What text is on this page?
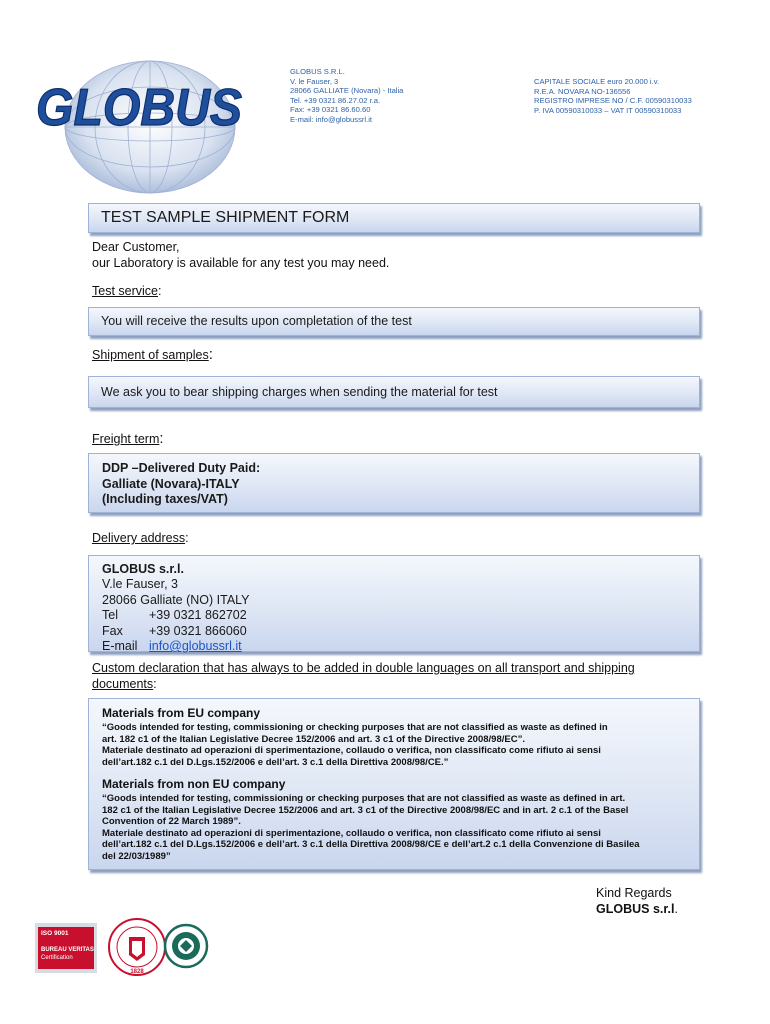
GLOBUS
GLOBUS S.R.L.
V. le Fauser, 3
28066 GALLIATE (Novara) - Italia
Tel. +39 0321 86.27.02 r.a.
Fax: +39 0321 86.60.60
E-mail: info@globussrl.it
CAPITALE SOCIALE euro 20.000 i.v.
R.E.A. NOVARA NO-136556
REGISTRO IMPRESE NO / C.F. 00590310033
P. IVA 00590310033 – VAT IT 00590310033
TEST SAMPLE SHIPMENT FORM
Dear Customer,
our Laboratory is available for any test you may need.
Test service:
You will receive the results upon completation of the test
Shipment of samples:
We ask you to bear shipping charges when sending the material for test
Freight term:
DDP –Delivered Duty Paid:
Galliate (Novara)-ITALY
(Including taxes/VAT)
Delivery address:
GLOBUS s.r.l.
V.le Fauser, 3
28066 Galliate (NO) ITALY
Tel	+39 0321 862702
Fax	+39 0321 866060
E-mail info@globussrl.it
Custom declaration that has always to be added in double languages on all transport and shipping
documents:
Materials from EU company
“Goods intended for testing, commissioning or checking purposes that are not classified as waste as defined in
art. 182 c1 of the Italian Legislative Decree 152/2006 and art. 3 c1 of the Directive 2008/98/EC”.
Materiale destinato ad operazioni di sperimentazione, collaudo o verifica, non classificato come rifiuto ai sensi
dell’art.182 c.1 del D.Lgs.152/2006 e dell’art. 3 c.1 della Direttiva 2008/98/CE.”
Materials from non EU company
“Goods intended for testing, commissioning or checking purposes that are not classified as waste as defined in art.
182 c1 of the Italian Legislative Decree 152/2006 and art. 3 c1 of the Directive 2008/98/EC and in art. 2 c.1 of the Basel
Convention of 22 March 1989”.
Materiale destinato ad operazioni di sperimentazione, collaudo o verifica, non classificato come rifiuto ai sensi
dell’art.182 c.1 del D.Lgs.152/2006 e dell’art. 3 c.1 della Direttiva 2008/98/CE e dell’art.2 c.1 della Convenzione di Basilea
del 22/03/1989”
Kind Regards
GLOBUS s.r.l.
ISO 9001
BUREAU VERITAS
Certification
1828
